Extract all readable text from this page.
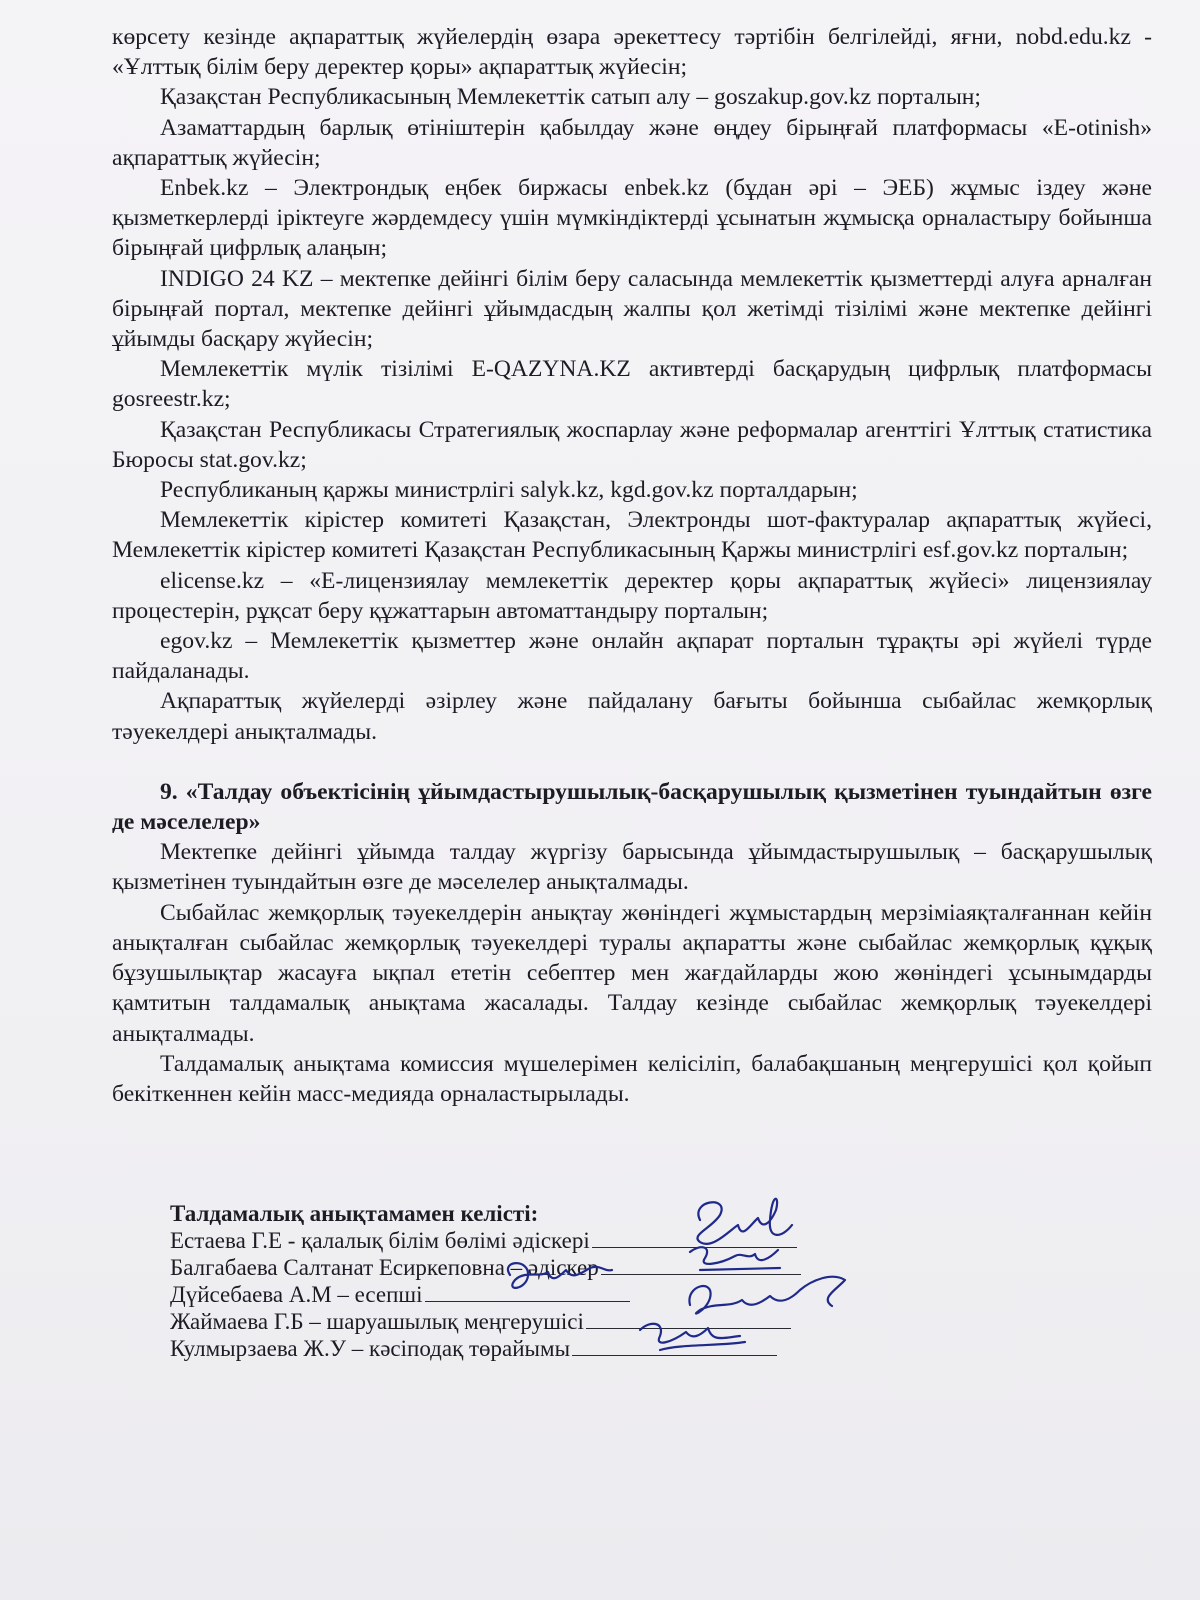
көрсету кезінде ақпараттық жүйелердің өзара әрекеттесу тәртібін белгілейді, яғни, nobd.edu.kz - «Ұлттық білім беру деректер қоры» ақпараттық жүйесін;

Қазақстан Республикасының Мемлекеттік сатып алу – goszakup.gov.kz порталын;

Азаматтардың барлық өтініштерін қабылдау және өңдеу бірыңғай платформасы «E-otinish» ақпараттық жүйесін;

Enbek.kz – Электрондық еңбек биржасы enbek.kz (бұдан әрі – ЭЕБ) жұмыс іздеу және қызметкерлерді іріктеуге жәрдемдесу үшін мүмкіндіктерді ұсынатын жұмысқа орналастыру бойынша бірыңғай цифрлық алаңын;

INDIGO 24 KZ – мектепке дейінгі білім беру саласында мемлекеттік қызметтерді алуға арналған бірыңғай портал, мектепке дейінгі ұйымдасдың жалпы қол жетімді тізілімі және мектепке дейінгі ұйымды басқару жүйесін;

Мемлекеттік мүлік тізілімі E-QAZYNA.KZ активтерді басқарудың цифрлық платформасы gosreestr.kz;

Қазақстан Республикасы Стратегиялық жоспарлау және реформалар агенттігі Ұлттық статистика Бюросы stat.gov.kz;

Республиканың қаржы министрлігі salyk.kz, kgd.gov.kz порталдарын;

Мемлекеттік кірістер комитеті Қазақстан, Электронды шот-фактуралар ақпараттық жүйесі, Мемлекеттік кірістер комитеті Қазақстан Республикасының Қаржы министрлігі esf.gov.kz порталын;

elicense.kz – «Е-лицензиялау мемлекеттік деректер қоры ақпараттық жүйесі» лицензиялау процестерін, рұқсат беру құжаттарын автоматтандыру порталын;

egov.kz – Мемлекеттік қызметтер және онлайн ақпарат порталын тұрақты әрі жүйелі түрде пайдаланады.

Ақпараттық жүйелерді әзірлеу және пайдалану бағыты бойынша сыбайлас жемқорлық тәуекелдері анықталмады.

9. «Талдау объектісінің ұйымдастырушылық-басқарушылық қызметінен туындайтын өзге де мәселелер»

Мектепке дейінгі ұйымда талдау жүргізу барысында ұйымдастырушылық – басқарушылық қызметінен туындайтын өзге де мәселелер анықталмады.

Сыбайлас жемқорлық тәуекелдерін анықтау жөніндегі жұмыстардың мерзіміаяқталғаннан кейін анықталған сыбайлас жемқорлық тәуекелдері туралы ақпаратты және сыбайлас жемқорлық құқық бұзушылықтар жасауға ықпал ететін себептер мен жағдайларды жою жөніндегі ұсынымдарды қамтитын талдамалық анықтама жасалады. Талдау кезінде сыбайлас жемқорлық тәуекелдері анықталмады.

Талдамалық анықтама комиссия мүшелерімен келісіліп, балабақшаның меңгерушісі қол қойып бекіткеннен кейін масс-медияда орналастырылады.

Талдамалық анықтамамен келісті:
Естаева Г.Е - қалалық білім бөлімі әдіскері
Балгабаева Салтанат Есиркеповна – әдіскер
Дүйсебаева А.М – есепші
Жаймаева Г.Б – шаруашылық меңгерушісі
Кулмырзаева Ж.У – кәсіподақ төрайымы
